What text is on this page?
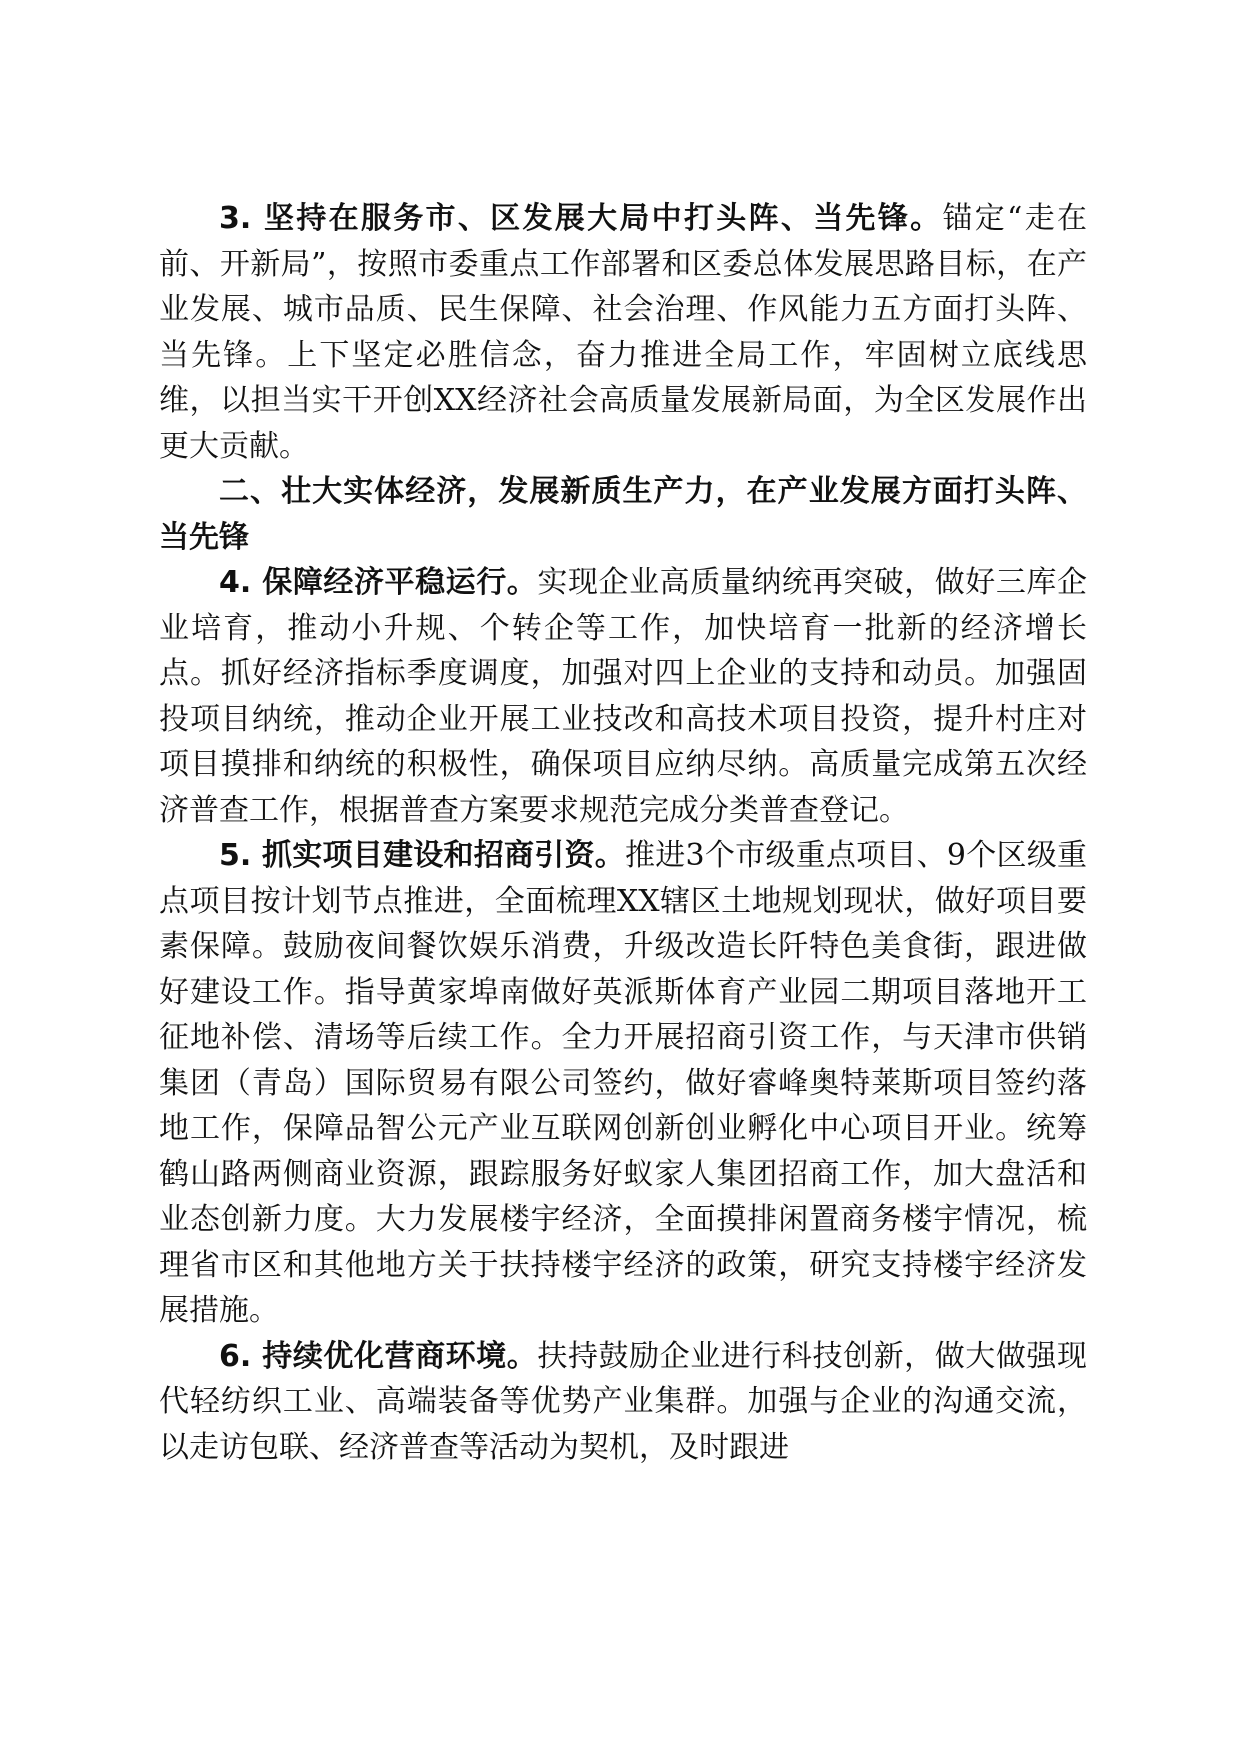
3. 坚持在服务市、区发展大局中打头阵、当先锋。锚定“走在前、开新局”，按照市委重点工作部署和区委总体发展思路目标，在产业发展、城市品质、民生保障、社会治理、作风能力五方面打头阵、当先锋。上下坚定必胜信念，奋力推进全局工作，牢固树立底线思维，以担当实干开创XX经济社会高质量发展新局面，为全区发展作出更大贡献。

二、壮大实体经济，发展新质生产力，在产业发展方面打头阵、当先锋

4. 保障经济平稳运行。实现企业高质量纳统再突破，做好三库企业培育，推动小升规、个转企等工作，加快培育一批新的经济增长点。抓好经济指标季度调度，加强对四上企业的支持和动员。加强固投项目纳统，推动企业开展工业技改和高技术项目投资，提升村庄对项目摸排和纳统的积极性，确保项目应纳尽纳。高质量完成第五次经济普查工作，根据普查方案要求规范完成分类普查登记。

5. 抓实项目建设和招商引资。推进3个市级重点项目、9个区级重点项目按计划节点推进，全面梳理XX辖区土地规划现状，做好项目要素保障。鼓励夜间餐饮娱乐消费，升级改造长阡特色美食街，跟进做好建设工作。指导黄家埠南做好英派斯体育产业园二期项目落地开工征地补偿、清场等后续工作。全力开展招商引资工作，与天津市供销集团（青岛）国际贸易有限公司签约，做好睿峰奥特莱斯项目签约落地工作，保障品智公元产业互联网创新创业孵化中心项目开业。统筹鹤山路两侧商业资源，跟踪服务好蚁家人集团招商工作，加大盘活和业态创新力度。大力发展楼宇经济，全面摸排闲置商务楼宇情况，梳理省市区和其他地方关于扶持楼宇经济的政策，研究支持楼宇经济发展措施。

6. 持续优化营商环境。扶持鼓励企业进行科技创新，做大做强现代轻纺织工业、高端装备等优势产业集群。加强与企业的沟通交流，以走访包联、经济普查等活动为契机，及时跟进
